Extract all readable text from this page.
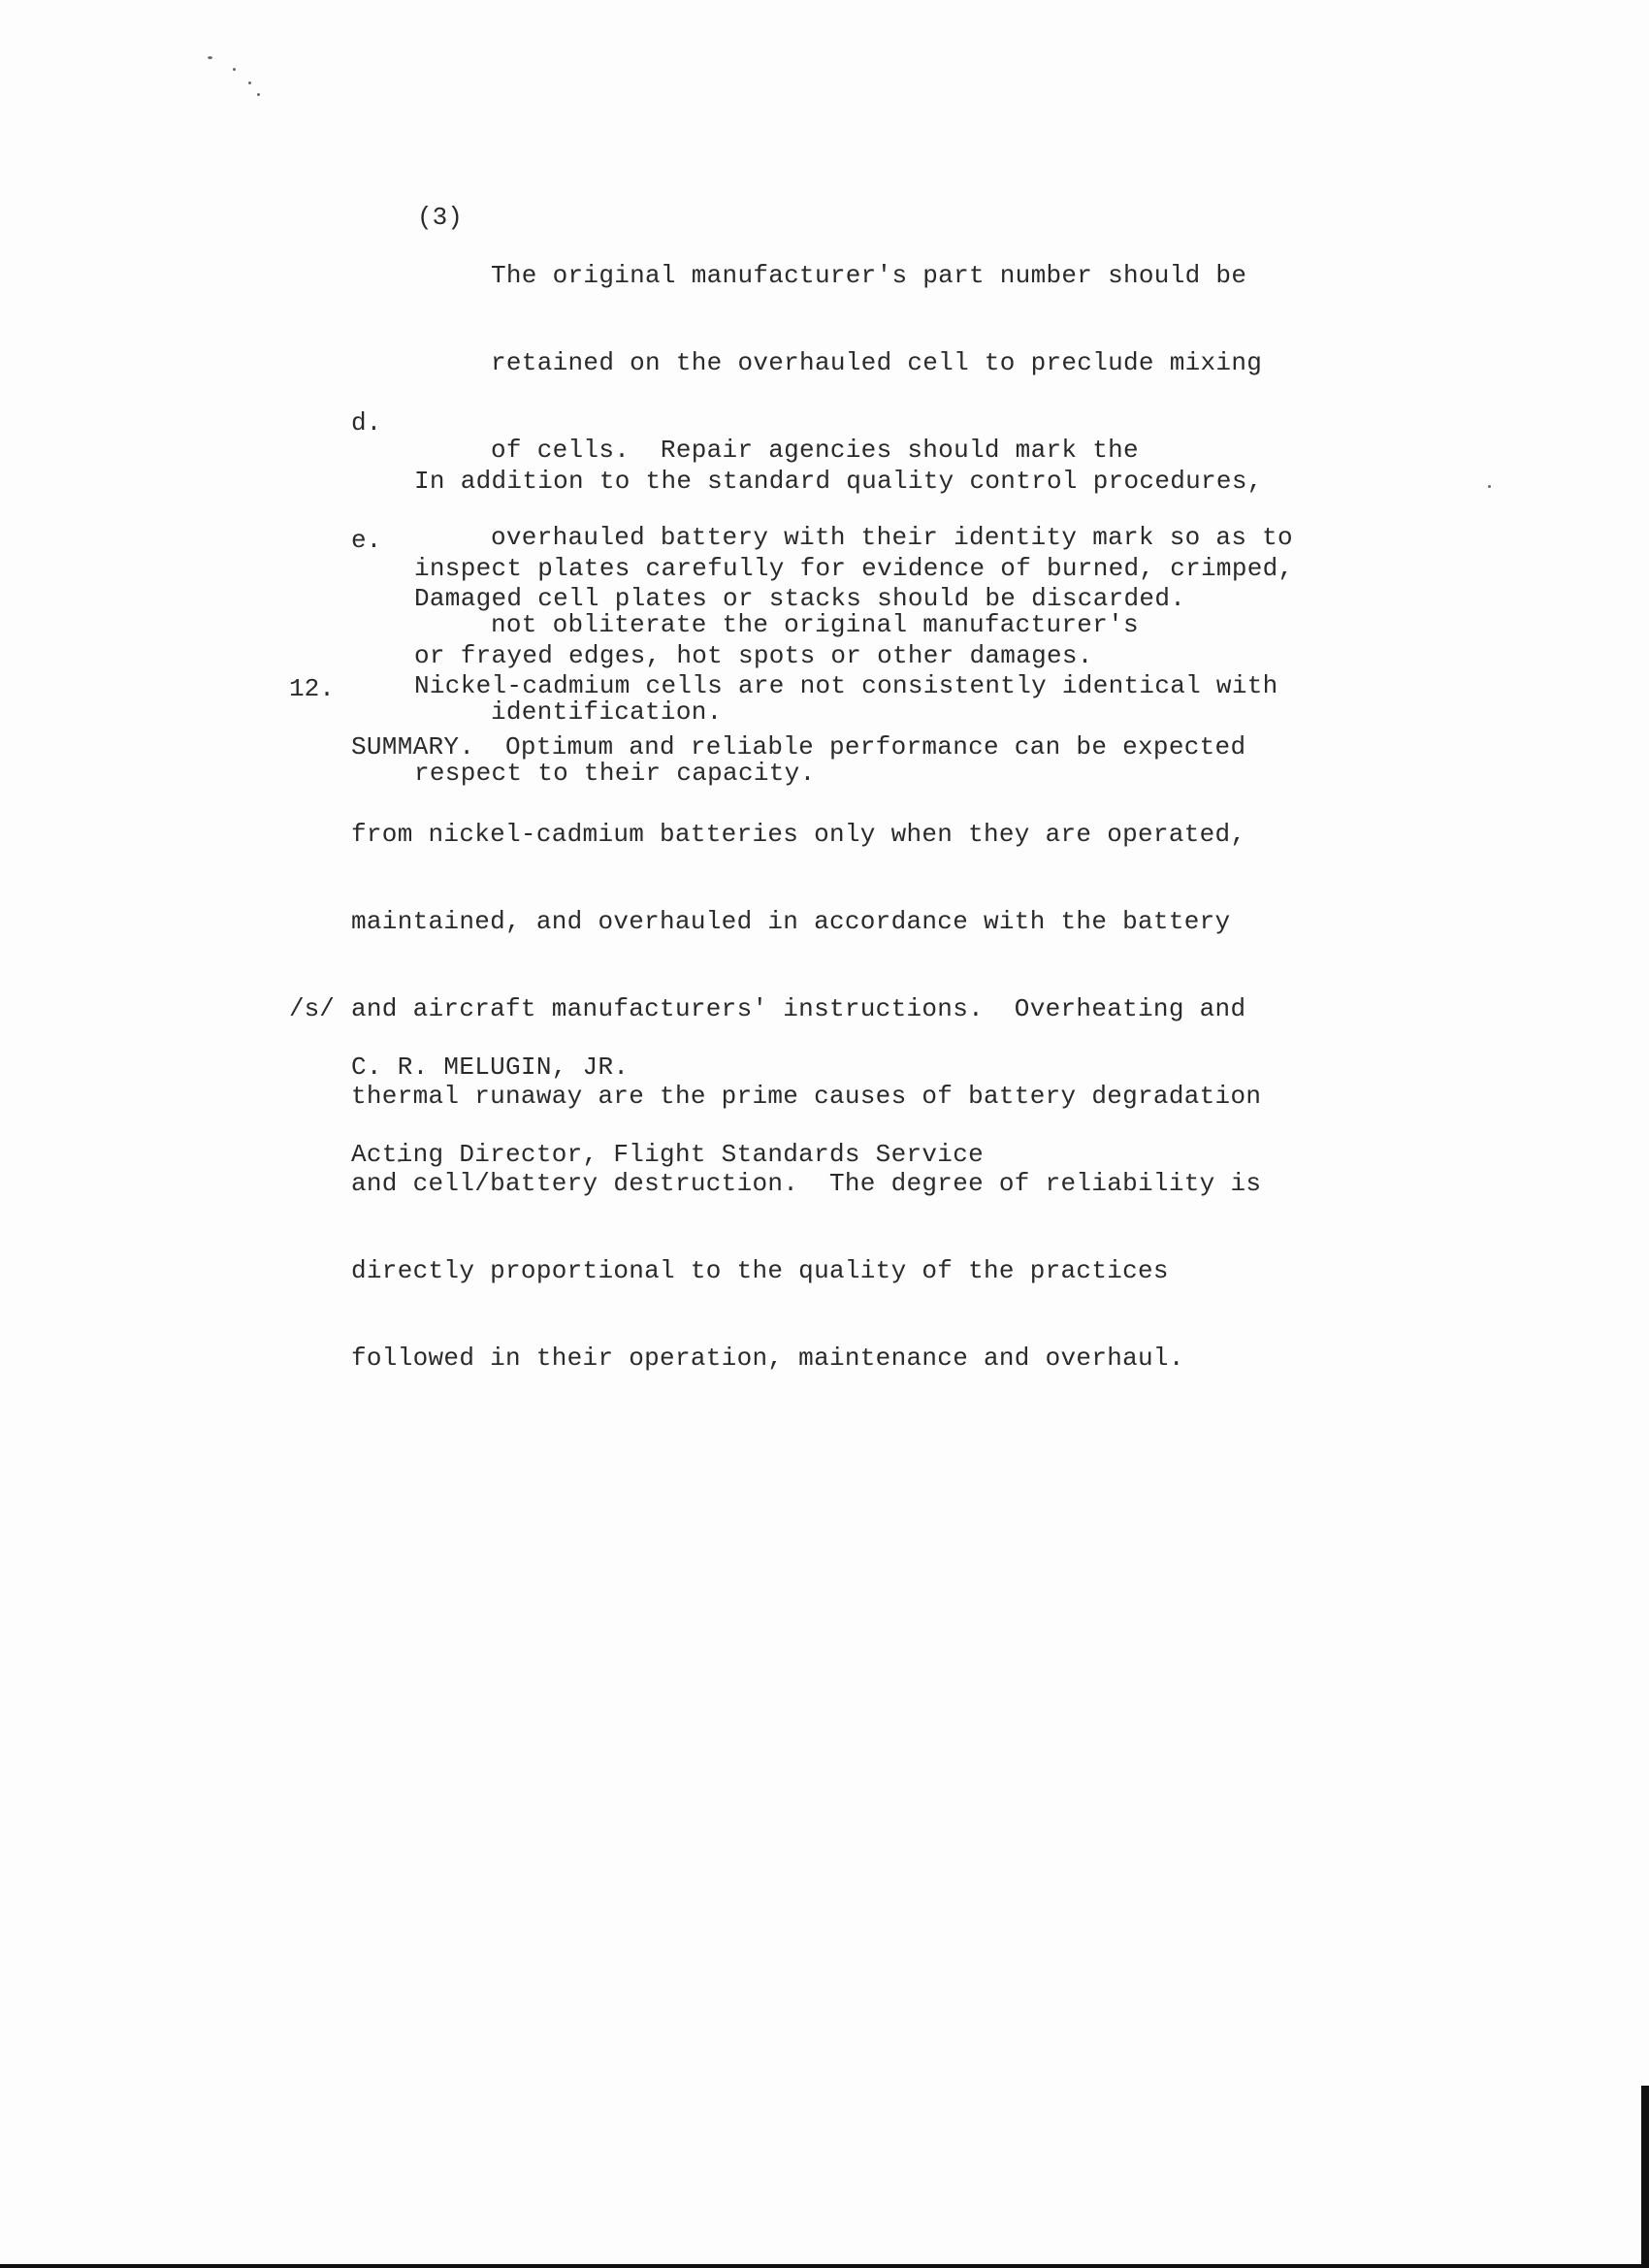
(3)

The original manufacturer's part number should be

retained on the overhauled cell to preclude mixing

of cells.  Repair agencies should mark the

overhauled battery with their identity mark so as to

not obliterate the original manufacturer's

identification.

d.

In addition to the standard quality control procedures,

inspect plates carefully for evidence of burned, crimped,

or frayed edges, hot spots or other damages.

e.

Damaged cell plates or stacks should be discarded.

Nickel-cadmium cells are not consistently identical with

respect to their capacity.

12.

SUMMARY.  Optimum and reliable performance can be expected

from nickel-cadmium batteries only when they are operated,

maintained, and overhauled in accordance with the battery

and aircraft manufacturers' instructions.  Overheating and

thermal runaway are the prime causes of battery degradation

and cell/battery destruction.  The degree of reliability is

directly proportional to the quality of the practices

followed in their operation, maintenance and overhaul.

/s/

C. R. MELUGIN, JR.

Acting Director, Flight Standards Service
